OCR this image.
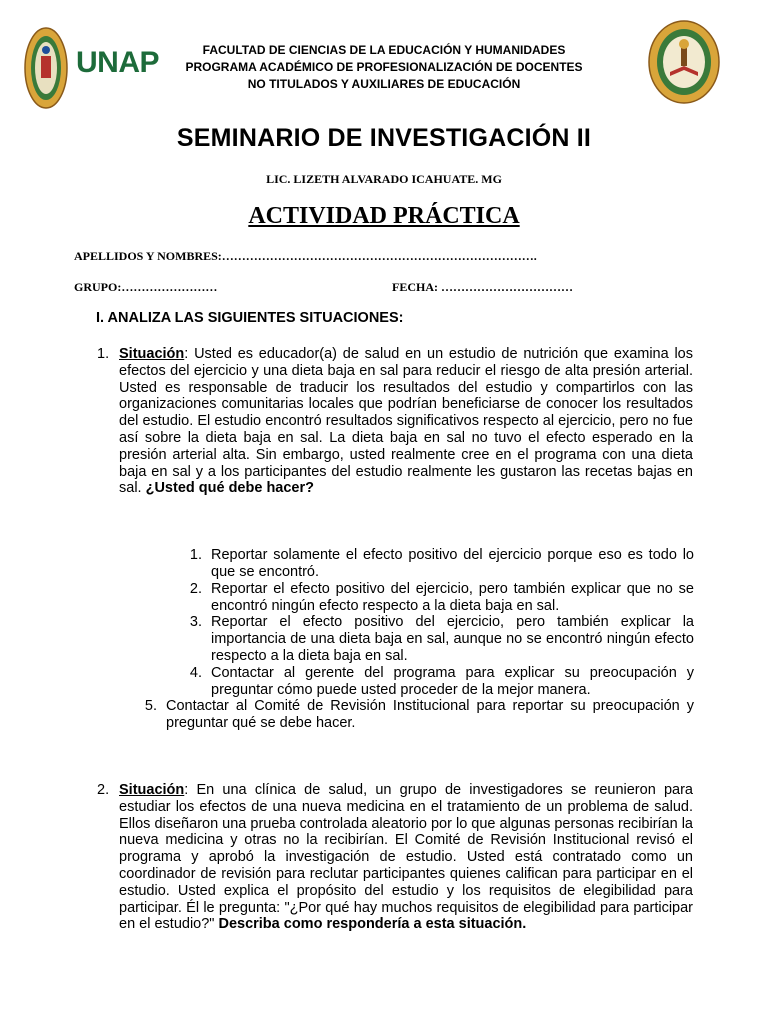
UNAP	FACULTAD DE CIENCIAS DE LA EDUCACIÓN Y HUMANIDADES
PROGRAMA ACADÉMICO DE PROFESIONALIZACIÓN DE DOCENTES
NO TITULADOS Y AUXILIARES DE EDUCACIÓN
SEMINARIO DE INVESTIGACIÓN II
LIC. LIZETH ALVARADO ICAHUATE. MG
ACTIVIDAD PRÁCTICA
APELLIDOS Y NOMBRES:…………………………………………………………………….
GRUPO:……………………	FECHA: ……………………………
I. ANALIZA LAS SIGUIENTES SITUACIONES:
1. Situación: Usted es educador(a) de salud en un estudio de nutrición que examina los efectos del ejercicio y una dieta baja en sal para reducir el riesgo de alta presión arterial. Usted es responsable de traducir los resultados del estudio y compartirlos con las organizaciones comunitarias locales que podrían beneficiarse de conocer los resultados del estudio. El estudio encontró resultados significativos respecto al ejercicio, pero no fue así sobre la dieta baja en sal. La dieta baja en sal no tuvo el efecto esperado en la presión arterial alta. Sin embargo, usted realmente cree en el programa con una dieta baja en sal y a los participantes del estudio realmente les gustaron las recetas bajas en sal. ¿Usted qué debe hacer?
1. Reportar solamente el efecto positivo del ejercicio porque eso es todo lo que se encontró.
2. Reportar el efecto positivo del ejercicio, pero también explicar que no se encontró ningún efecto respecto a la dieta baja en sal.
3. Reportar el efecto positivo del ejercicio, pero también explicar la importancia de una dieta baja en sal, aunque no se encontró ningún efecto respecto a la dieta baja en sal.
4. Contactar al gerente del programa para explicar su preocupación y preguntar cómo puede usted proceder de la mejor manera.
5. Contactar al Comité de Revisión Institucional para reportar su preocupación y preguntar qué se debe hacer.
2. Situación: En una clínica de salud, un grupo de investigadores se reunieron para estudiar los efectos de una nueva medicina en el tratamiento de un problema de salud. Ellos diseñaron una prueba controlada aleatorio por lo que algunas personas recibirían la nueva medicina y otras no la recibirían. El Comité de Revisión Institucional revisó el programa y aprobó la investigación de estudio. Usted está contratado como un coordinador de revisión para reclutar participantes quienes califican para participar en el estudio. Usted explica el propósito del estudio y los requisitos de elegibilidad para participar. Él le pregunta: "¿Por qué hay muchos requisitos de elegibilidad para participar en el estudio?" Describa como respondería a esta situación.
